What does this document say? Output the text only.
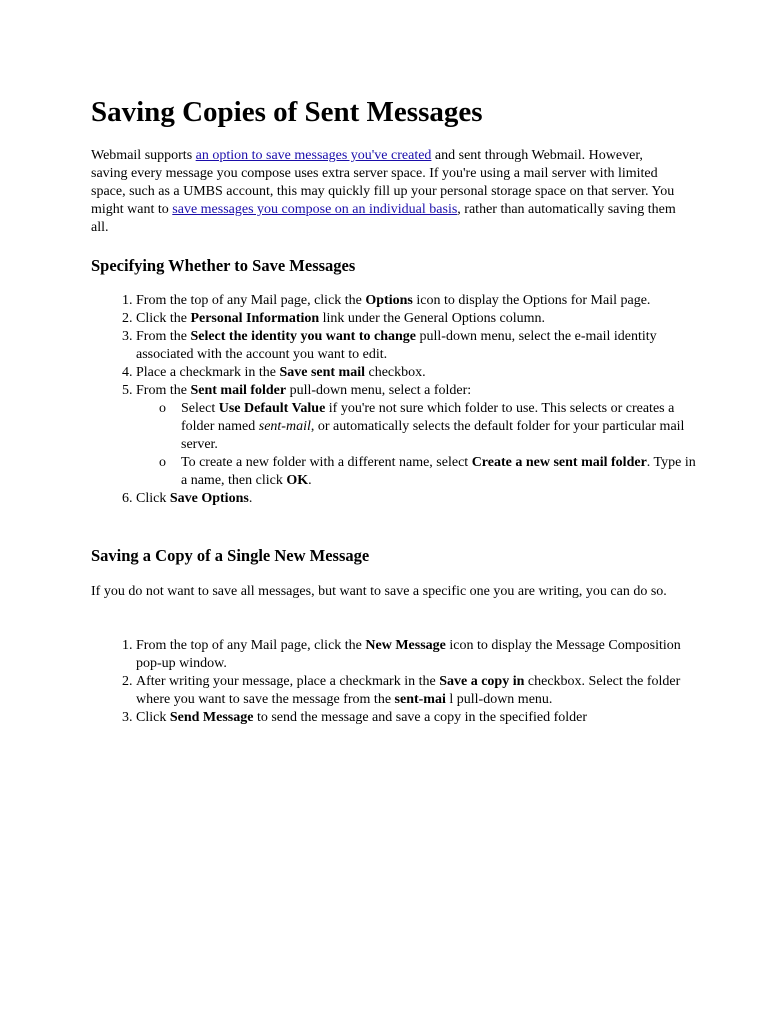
Saving Copies of Sent Messages

Webmail supports an option to save messages you've created and sent through Webmail. However, saving every message you compose uses extra server space. If you're using a mail server with limited space, such as a UMBS account, this may quickly fill up your personal storage space on that server. You might want to save messages you compose on an individual basis, rather than automatically saving them all.

Specifying Whether to Save Messages
1. From the top of any Mail page, click the Options icon to display the Options for Mail page.
2. Click the Personal Information link under the General Options column.
3. From the Select the identity you want to change pull-down menu, select the e-mail identity associated with the account you want to edit.
4. Place a checkmark in the Save sent mail checkbox.
5. From the Sent mail folder pull-down menu, select a folder:
o Select Use Default Value if you're not sure which folder to use. This selects or creates a folder named sent-mail, or automatically selects the default folder for your particular mail server.
o To create a new folder with a different name, select Create a new sent mail folder. Type in a name, then click OK.
6. Click Save Options.
Saving a Copy of a Single New Message

If you do not want to save all messages, but want to save a specific one you are writing, you can do so.

1. From the top of any Mail page, click the New Message icon to display the Message Composition pop-up window.
2. After writing your message, place a checkmark in the Save a copy in checkbox. Select the folder where you want to save the message from the sent-mai l pull-down menu.
3. Click Send Message to send the message and save a copy in the specified folder
